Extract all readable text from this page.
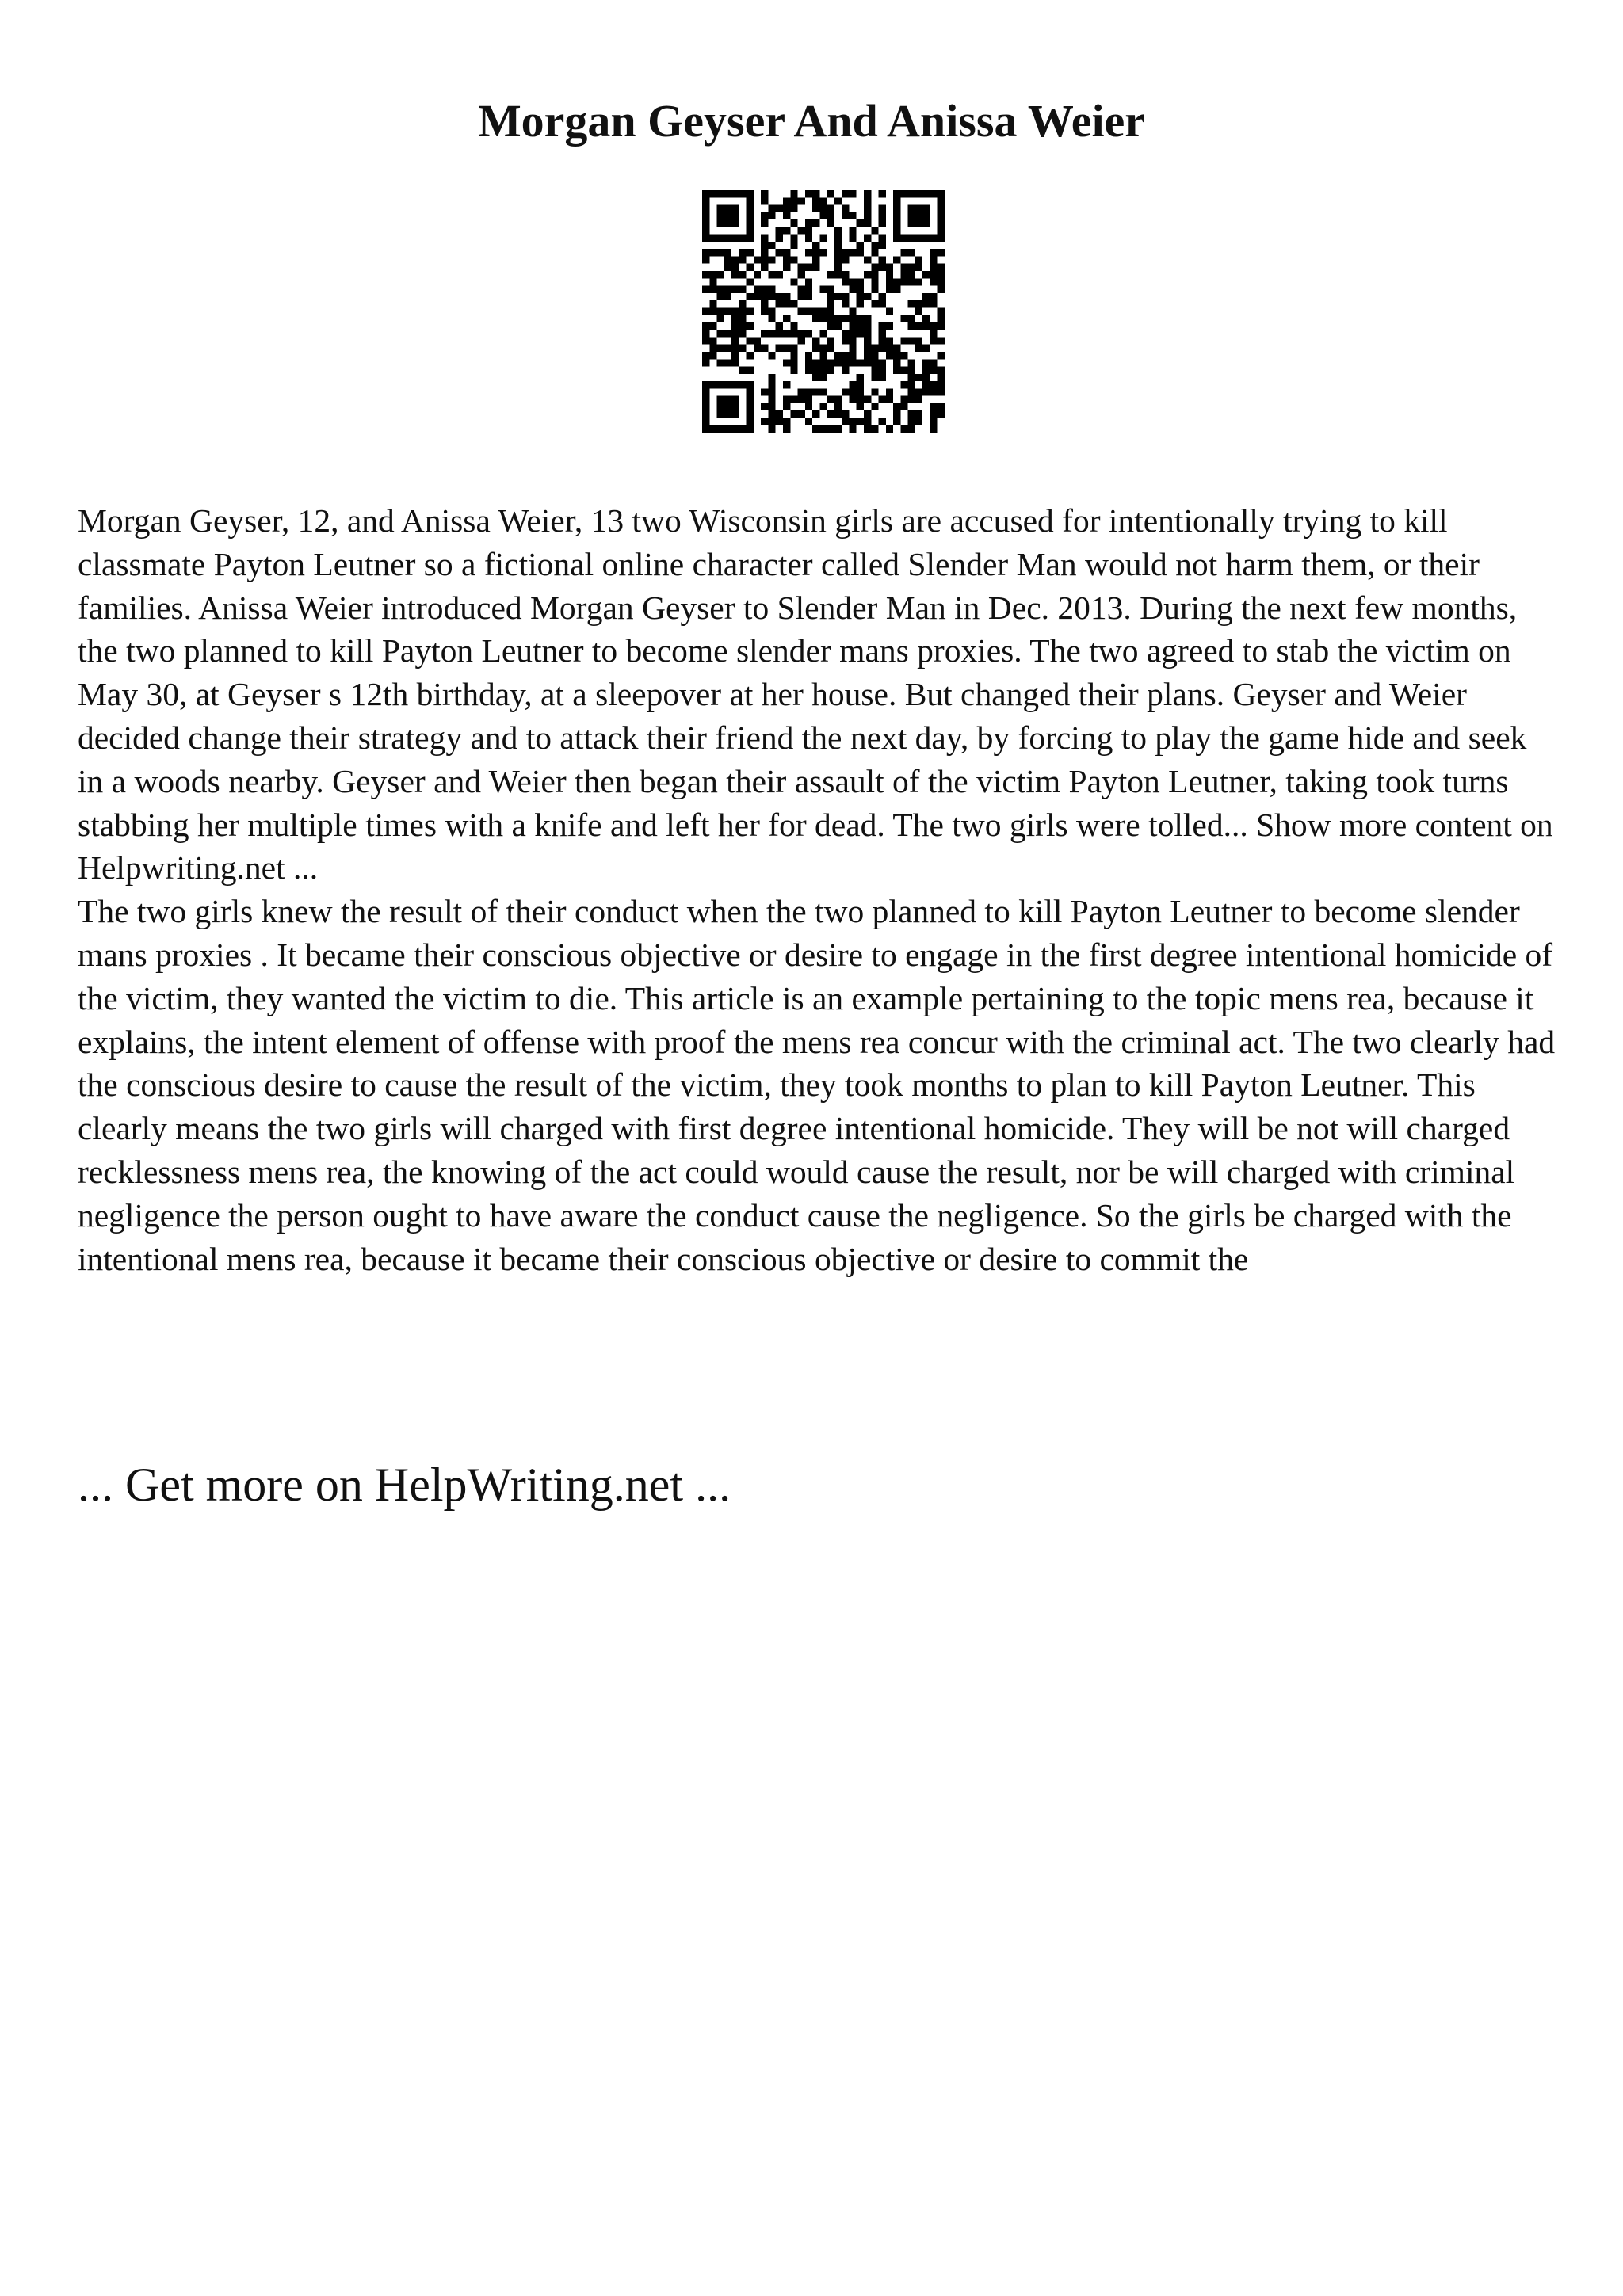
Morgan Geyser And Anissa Weier

Morgan Geyser, 12, and Anissa Weier, 13 two Wisconsin girls are accused for intentionally trying to kill classmate Payton Leutner so a fictional online character called Slender Man would not harm them, or their families. Anissa Weier introduced Morgan Geyser to Slender Man in Dec. 2013. During the next few months, the two planned to kill Payton Leutner to become slender mans proxies. The two agreed to stab the victim on May 30, at Geyser s 12th birthday, at a sleepover at her house. But changed their plans. Geyser and Weier decided change their strategy and to attack their friend the next day, by forcing to play the game hide and seek in a woods nearby. Geyser and Weier then began their assault of the victim Payton Leutner, taking took turns stabbing her multiple times with a knife and left her for dead. The two girls were tolled... Show more content on Helpwriting.net ...

The two girls knew the result of their conduct when the two planned to kill Payton Leutner to become slender mans proxies . It became their conscious objective or desire to engage in the first degree intentional homicide of the victim, they wanted the victim to die. This article is an example pertaining to the topic mens rea, because it explains, the intent element of offense with proof the mens rea concur with the criminal act. The two clearly had the conscious desire to cause the result of the victim, they took months to plan to kill Payton Leutner. This clearly means the two girls will charged with first degree intentional homicide. They will be not will charged recklessness mens rea, the knowing of the act could would cause the result, nor be will charged with criminal negligence the person ought to have aware the conduct cause the negligence. So the girls be charged with the intentional mens rea, because it became their conscious objective or desire to commit the

... Get more on HelpWriting.net ...
